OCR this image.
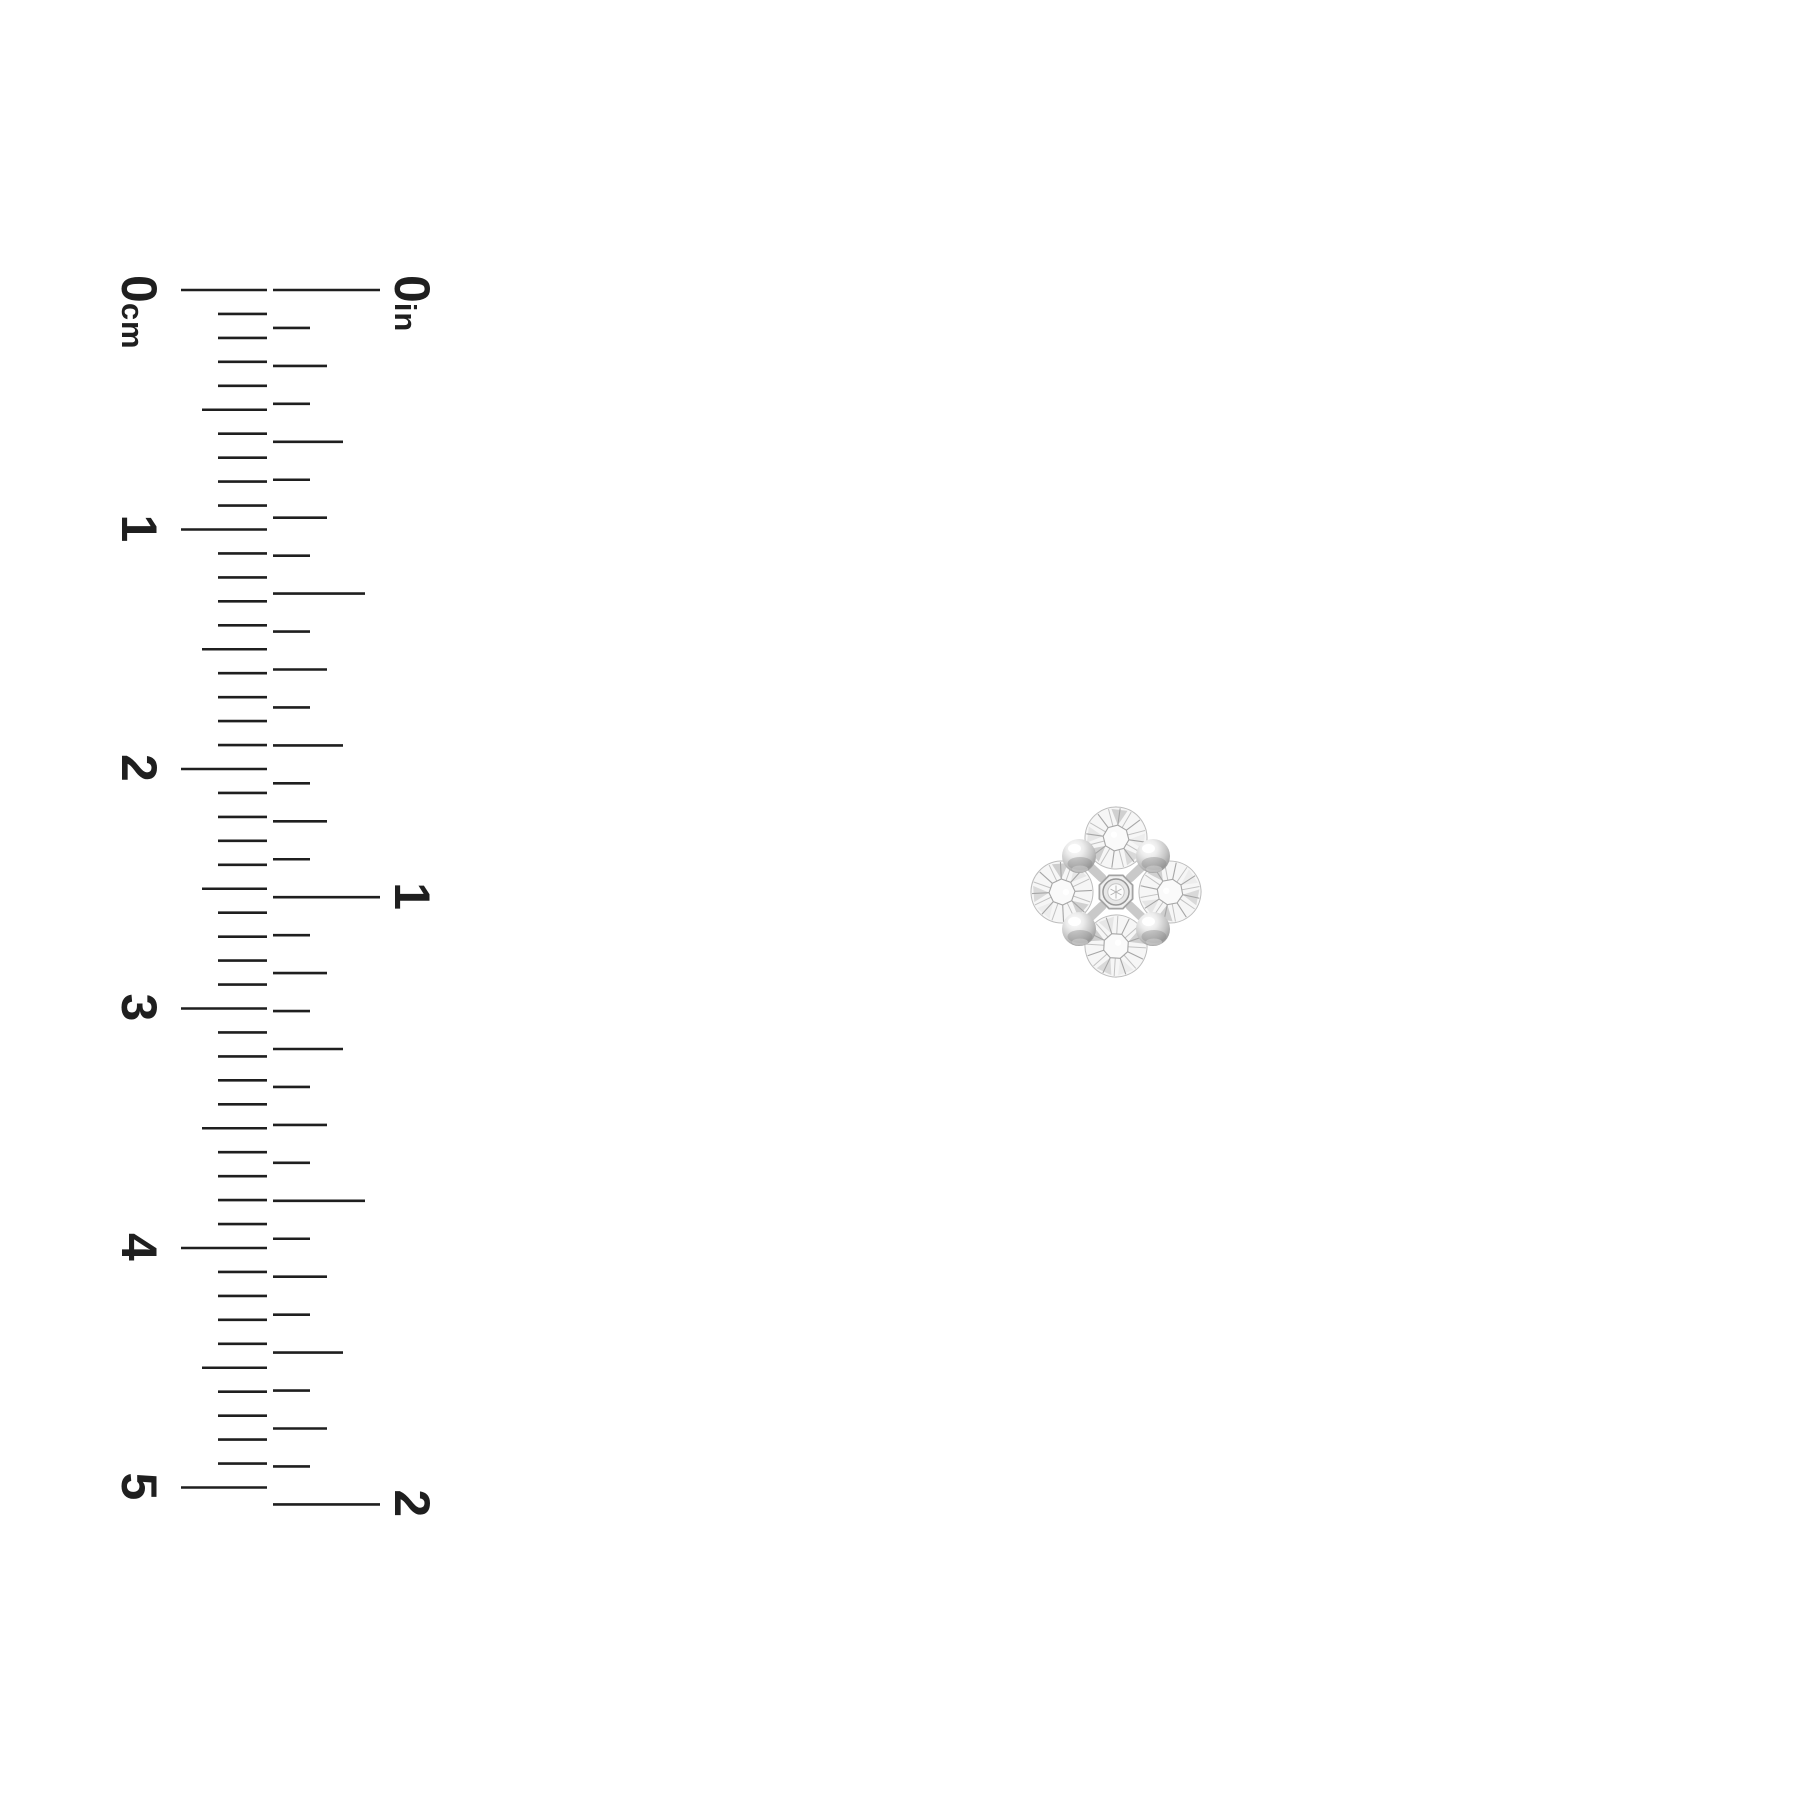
0cm
1
2
3
4
5
0in
1
2
